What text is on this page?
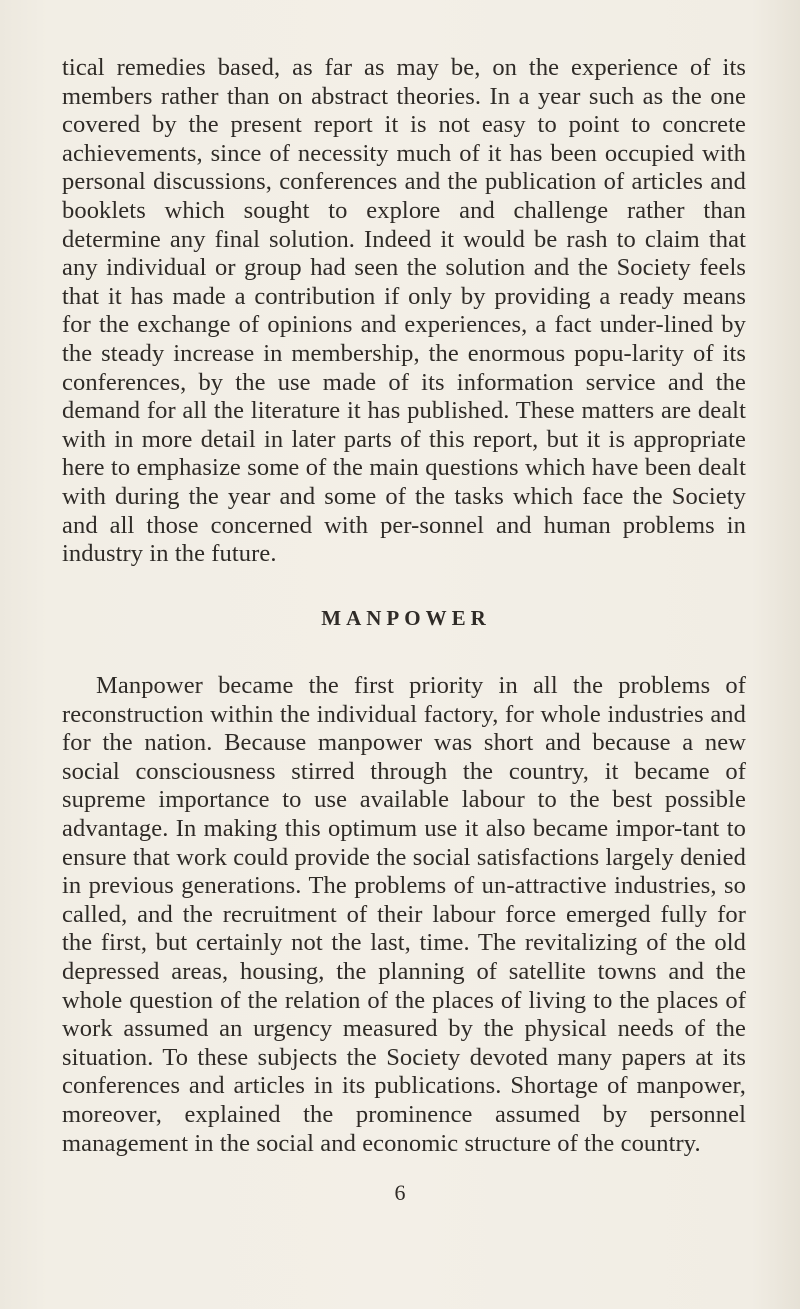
tical remedies based, as far as may be, on the experience of its members rather than on abstract theories. In a year such as the one covered by the present report it is not easy to point to concrete achievements, since of necessity much of it has been occupied with personal discussions, conferences and the publication of articles and booklets which sought to explore and challenge rather than determine any final solution. Indeed it would be rash to claim that any individual or group had seen the solution and the Society feels that it has made a contribution if only by providing a ready means for the exchange of opinions and experiences, a fact under-lined by the steady increase in membership, the enormous popu-larity of its conferences, by the use made of its information service and the demand for all the literature it has published. These matters are dealt with in more detail in later parts of this report, but it is appropriate here to emphasize some of the main questions which have been dealt with during the year and some of the tasks which face the Society and all those concerned with per-sonnel and human problems in industry in the future.

MANPOWER

Manpower became the first priority in all the problems of reconstruction within the individual factory, for whole industries and for the nation. Because manpower was short and because a new social consciousness stirred through the country, it became of supreme importance to use available labour to the best possible advantage. In making this optimum use it also became impor-tant to ensure that work could provide the social satisfactions largely denied in previous generations. The problems of un-attractive industries, so called, and the recruitment of their labour force emerged fully for the first, but certainly not the last, time. The revitalizing of the old depressed areas, housing, the planning of satellite towns and the whole question of the relation of the places of living to the places of work assumed an urgency measured by the physical needs of the situation. To these subjects the Society devoted many papers at its conferences and articles in its publications. Shortage of manpower, moreover, explained the prominence assumed by personnel management in the social and economic structure of the country.

6
